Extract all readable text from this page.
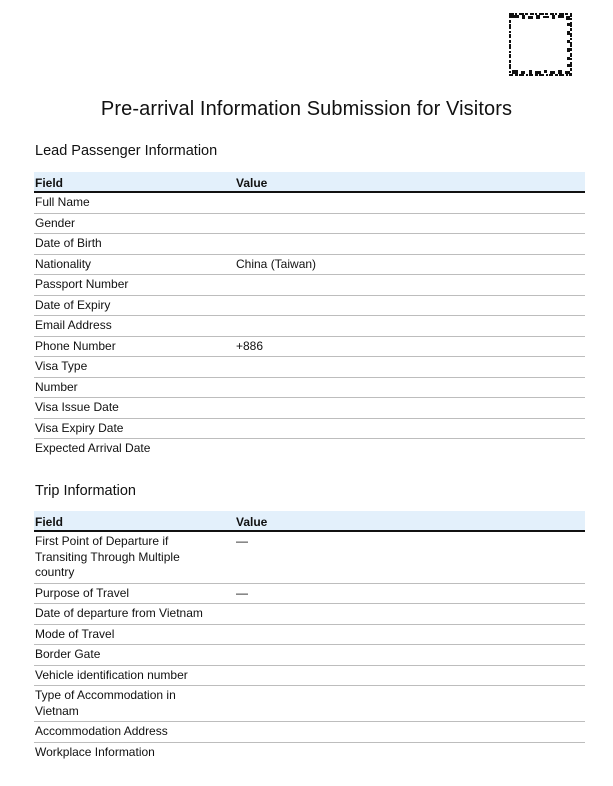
Pre-arrival Information Submission for Visitors
Lead Passenger Information
Field	Value
Full Name	
Gender	
Date of Birth	
Nationality	China (Taiwan)
Passport Number	
Date of Expiry	
Email Address	
Phone Number	+886
Visa Type	
Number	
Visa Issue Date	
Visa Expiry Date	
Expected Arrival Date	
Trip Information
Field	Value
First Point of Departure if Transiting Through Multiple country	—
Purpose of Travel	—
Date of departure from Vietnam	
Mode of Travel	
Border Gate	
Vehicle identification number	
Type of Accommodation in Vietnam	
Accommodation Address	
Workplace Information	
